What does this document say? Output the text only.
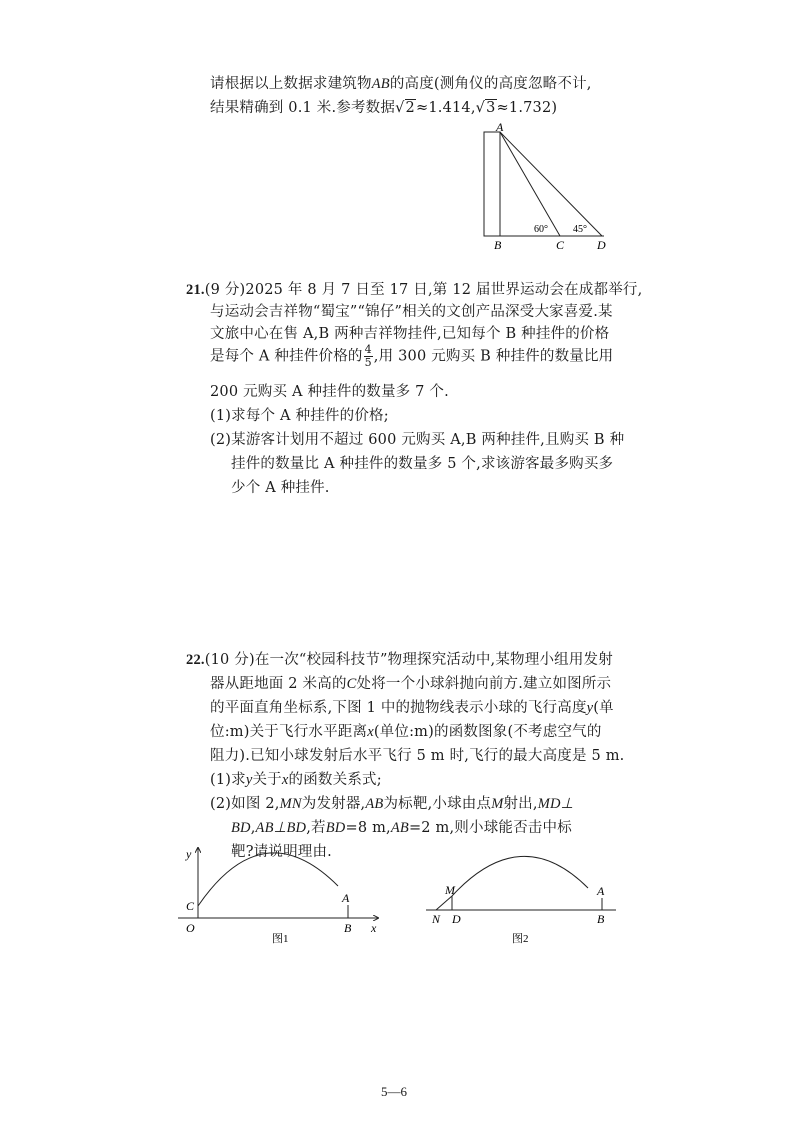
请根据以上数据求建筑物AB的高度(测角仪的高度忽略不计,
结果精确到 0.1 米.参考数据√2≈1.414,√3≈1.732)
A
B	C	D
60°	45°
21.(9 分)2025 年 8 月 7 日至 17 日,第 12 届世界运动会在成都举行,
与运动会吉祥物“蜀宝”“锦仔”相关的文创产品深受大家喜爱.某
文旅中心在售 A,B 两种吉祥物挂件,已知每个 B 种挂件的价格
是每个 A 种挂件价格的 $\frac{4}{5}$ ,用 300 元购买 B 种挂件的数量比用
200 元购买 A 种挂件的数量多 7 个.
(1)求每个 A 种挂件的价格;
(2)某游客计划用不超过 600 元购买 A,B 两种挂件,且购买 B 种
挂件的数量比 A 种挂件的数量多 5 个,求该游客最多购买多
少个 A 种挂件.
22.(10 分)在一次“校园科技节”物理探究活动中,某物理小组用发射
器从距地面 2 米高的C处将一个小球斜抛向前方.建立如图所示
的平面直角坐标系,下图 1 中的抛物线表示小球的飞行高度y(单
位:m)关于飞行水平距离x(单位:m)的函数图象(不考虑空气的
阻力).已知小球发射后水平飞行 5 m 时,飞行的最大高度是 5 m.
(1)求y关于x的函数关系式;
(2)如图 2,MN为发射器,AB为标靶,小球由点M射出,MD⊥
BD,AB⊥BD,若BD=8 m,AB=2 m,则小球能否击中标
靶?请说明理由.
y
x
O
C
A
B
图1
M
N D
A
B
图2
5—6
